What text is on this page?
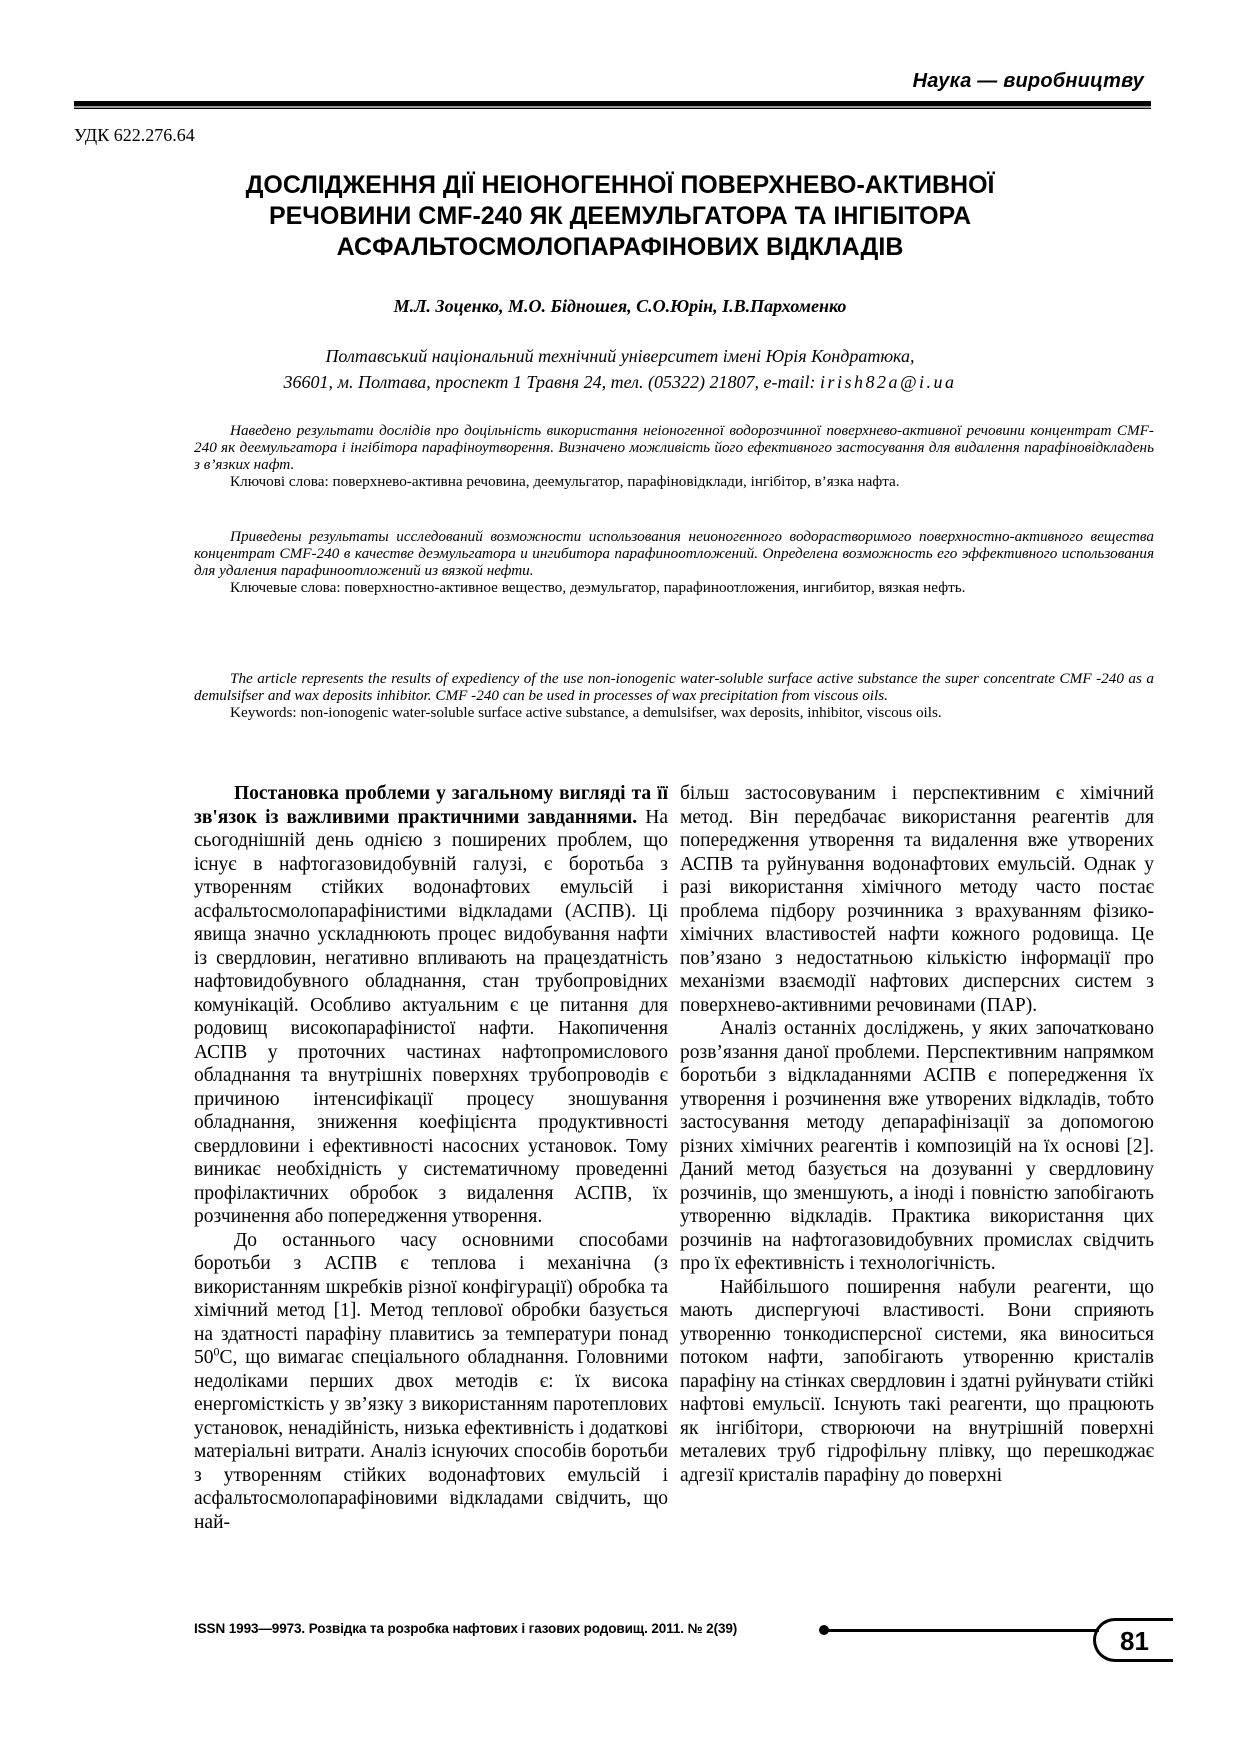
Наука — виробництву
УДК 622.276.64
ДОСЛІДЖЕННЯ ДІЇ НЕІОНОГЕННОЇ ПОВЕРХНЕВО-АКТИВНОЇ
РЕЧОВИНИ CMF-240 ЯК ДЕЕМУЛЬГАТОРА ТА ІНГІБІТОРА
АСФАЛЬТОСМОЛОПАРАФІНОВИХ ВІДКЛАДІВ
М.Л. Зоценко, М.О. Бідношея, С.О.Юрін, І.В.Пархоменко
Полтавський національний технічний університет імені Юрія Кондратюка,
36601, м. Полтава, проспект 1 Травня 24, тел. (05322) 21807, e-mail: irish82a@i.ua

Наведено результати дослідів про доцільність використання неіоногенної водорозчинної поверхнево-активної речовини концентрат CMF-240 як деемульгатора і інгібітора парафіноутворення. Визначено можливість його ефективного застосування для видалення парафіновідкладень з в’язких нафт.

Ключові слова: поверхнево-активна речовина, деемульгатор, парафіновідклади, інгібітор, в’язка нафта.

Приведены результаты исследований возможности использования неионогенного водорастворимого поверхностно-активного вещества концентрат CMF-240 в качестве деэмульгатора и ингибитора парафиноотложений. Определена возможность его эффективного использования для удаления парафиноотложений из вязкой нефти.

Ключевые слова: поверхностно-активное вещество, деэмульгатор, парафиноотложения, ингибитор, вязкая нефть.

The article represents the results of expediency of the use non-ionogenic water-soluble surface active substance the super concentrate CMF -240 as a demulsifser and wax deposits inhibitor. CMF -240 can be used in processes of wax precipitation from viscous oils.

Keywords: non-ionogenic water-soluble surface active substance, a demulsifser, wax deposits, inhibitor, viscous oils.

Постановка проблеми у загальному вигляді та її зв'язок із важливими практичними завданнями. На сьогоднішній день однією з поширених проблем, що існує в нафтогазовидобувній галузі, є боротьба з утворенням стійких водонафтових емульсій і асфальтосмолопарафінистими відкладами (АСПВ). Ці явища значно ускладнюють процес видобування нафти із свердловин, негативно впливають на працездатність нафтовидобувного обладнання, стан трубопровідних комунікацій. Особливо актуальним є це питання для родовищ високопарафінистої нафти. Накопичення АСПВ у проточних частинах нафтопромислового обладнання та внутрішніх поверхнях трубопроводів є причиною інтенсифікації процесу зношування обладнання, зниження коефіцієнта продуктивності свердловини і ефективності насосних установок. Тому виникає необхідність у систематичному проведенні профілактичних обробок з видалення АСПВ, їх розчинення або попередження утворення.

До останнього часу основними способами боротьби з АСПВ є теплова і механічна (з використанням шкребків різної конфігурації) обробка та хімічний метод [1]. Метод теплової обробки базується на здатності парафіну плавитись за температури понад $50^0С$, що вимагає спеціального обладнання. Головними недоліками перших двох методів є: їх висока енергомісткість у зв’язку з використанням паротеплових установок, ненадійність, низька ефективність і додаткові матеріальні витрати. Аналіз існуючих способів боротьби з утворенням стійких водонафтових емульсій і асфальтосмолопарафіновими відкладами свідчить, що най-

більш застосовуваним і перспективним є хімічний метод. Він передбачає використання реагентів для попередження утворення та видалення вже утворених АСПВ та руйнування водонафтових емульсій. Однак у разі використання хімічного методу часто постає проблема підбору розчинника з врахуванням фізико-хімічних властивостей нафти кожного родовища. Це пов’язано з недостатньою кількістю інформації про механізми взаємодії нафтових дисперсних систем з поверхнево-активними речовинами (ПАР).

Аналіз останніх досліджень, у яких започатковано розв’язання даної проблеми. Перспективним напрямком боротьби з відкладаннями АСПВ є попередження їх утворення і розчинення вже утворених відкладів, тобто застосування методу депарафінізації за допомогою різних хімічних реагентів і композицій на їх основі [2]. Даний метод базується на дозуванні у свердловину розчинів, що зменшують, а іноді і повністю запобігають утворенню відкладів. Практика використання цих розчинів на нафтогазовидобувних промислах свідчить про їх ефективність і технологічність.

Найбільшого поширення набули реагенти, що мають диспергуючі властивості. Вони сприяють утворенню тонкодисперсної системи, яка виноситься потоком нафти, запобігають утворенню кристалів парафіну на стінках свердловин і здатні руйнувати стійкі нафтові емульсії. Існують такі реагенти, що працюють як інгібітори, створюючи на внутрішній поверхні металевих труб гідрофільну плівку, що перешкоджає адгезії кристалів парафіну до поверхні

ISSN 1993—9973. Розвідка та розробка нафтових і газових родовищ. 2011. № 2(39)	81
